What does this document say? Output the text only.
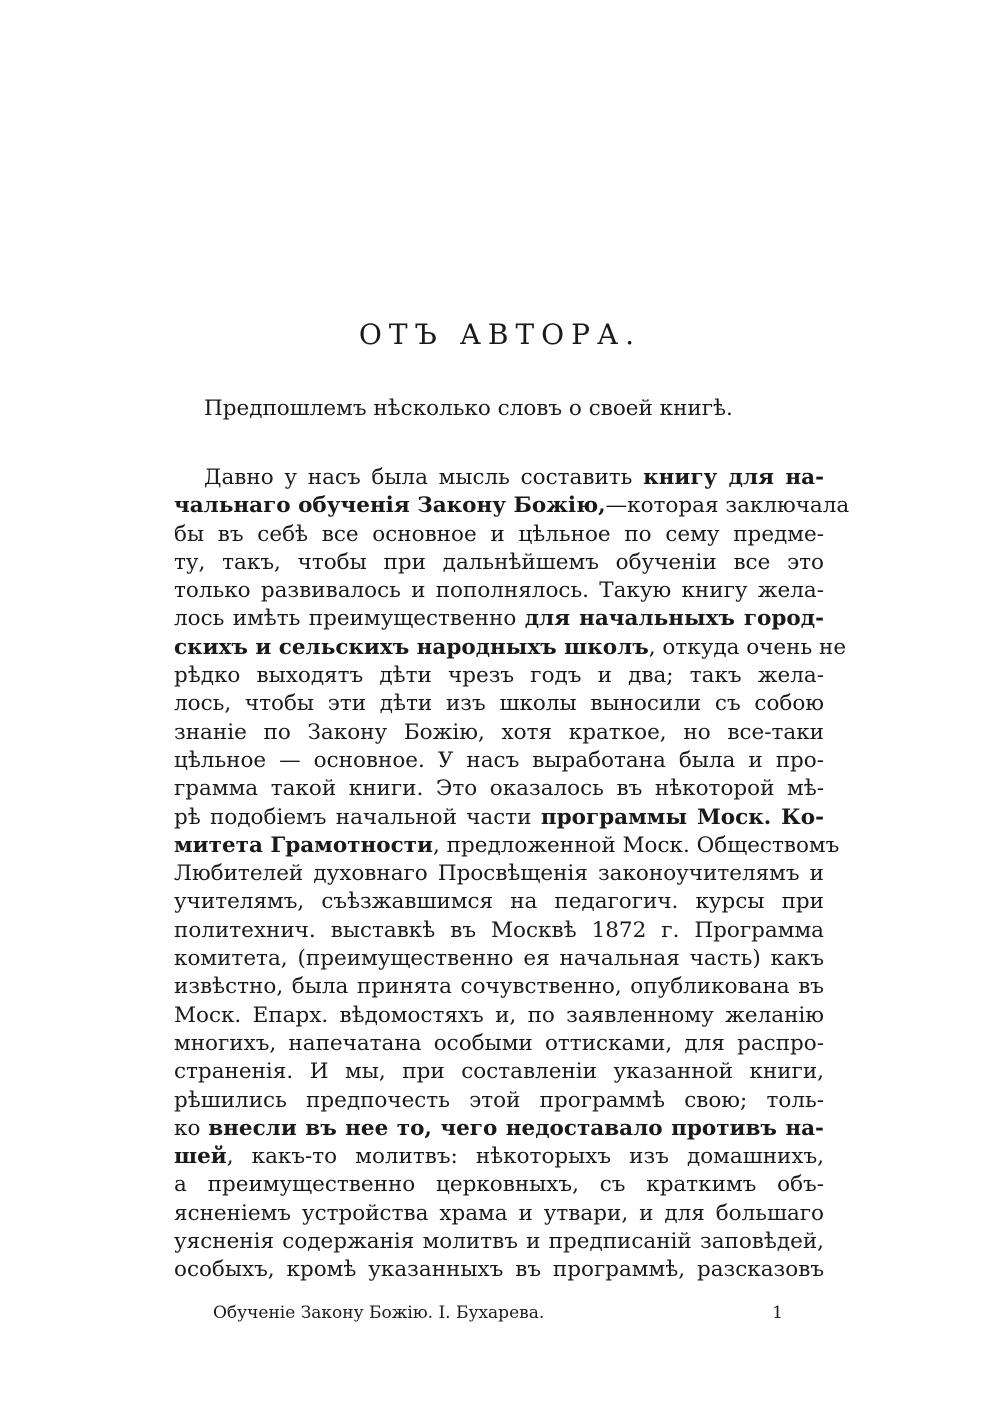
ОТЪ АВТОРА.
Предпошлемъ нѣсколько словъ о своей книгѣ.
Давно у насъ была мысль составить книгу для на-
чальнаго обученія Закону Божію,—которая заключала
бы въ себѣ все основное и цѣльное по сему предме-
ту, такъ, чтобы при дальнѣйшемъ обученіи все это
только развивалось и пополнялось. Такую книгу жела-
лось имѣть преимущественно для начальныхъ город-
скихъ и сельскихъ народныхъ школъ, откуда очень не
рѣдко выходятъ дѣти чрезъ годъ и два; такъ жела-
лось, чтобы эти дѣти изъ школы выносили съ собою
знаніе по Закону Божію, хотя краткое, но все-таки
цѣльное — основное. У насъ выработана была и про-
грамма такой книги. Это оказалось въ нѣкоторой мѣ-
рѣ подобіемъ начальной части программы Моск. Ко-
митета Грамотности, предложенной Моск. Обществомъ
Любителей духовнаго Просвѣщенія законоучителямъ и
учителямъ, съѣзжавшимся на педагогич. курсы при
политехнич. выставкѣ въ Москвѣ 1872 г. Программа
комитета, (преимущественно ея начальная часть) какъ
извѣстно, была принята сочувственно, опубликована въ
Моск. Епарх. вѣдомостяхъ и, по заявленному желанію
многихъ, напечатана особыми оттисками, для распро-
страненія. И мы, при составленіи указанной книги,
рѣшились предпочесть этой программѣ свою; толь-
ко внесли въ нее то, чего недоставало противъ на-
шей, какъ-то молитвъ: нѣкоторыхъ изъ домашнихъ,
а преимущественно церковныхъ, съ краткимъ объ-
ясненіемъ устройства храма и утвари, и для большаго
уясненія содержанія молитвъ и предписаній заповѣдей,
особыхъ, кромѣ указанныхъ въ программѣ, разсказовъ
Обученіе Закону Божію. І. Бухарева.	1
